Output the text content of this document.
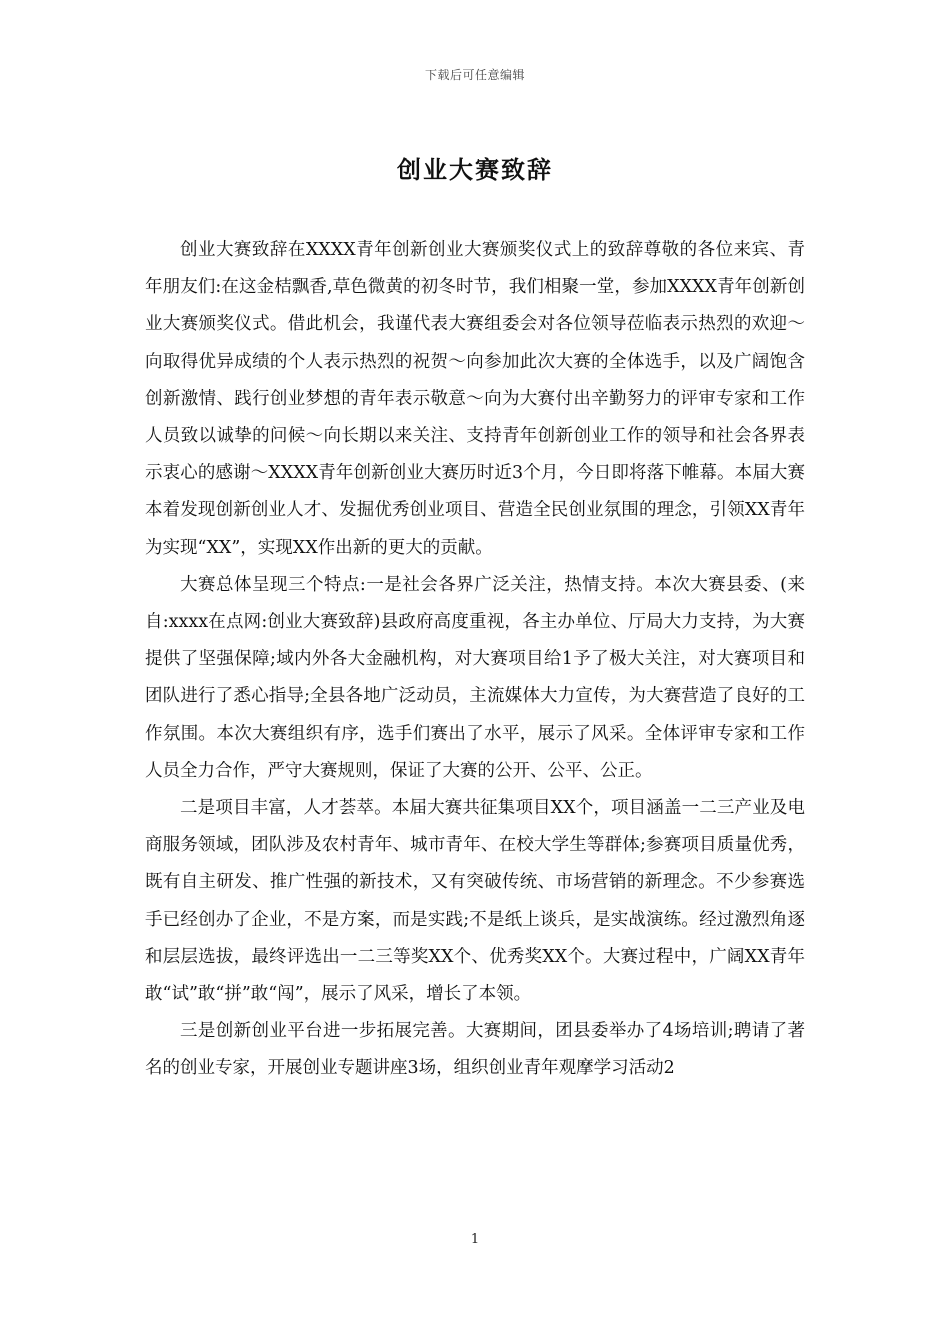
下载后可任意编辑
创业大赛致辞

创业大赛致辞在XXXX青年创新创业大赛颁奖仪式上的致辞尊敬的各位来宾、青年朋友们:在这金桔飘香,草色微黄的初冬时节，我们相聚一堂，参加XXXX青年创新创业大赛颁奖仪式。借此机会，我谨代表大赛组委会对各位领导莅临表示热烈的欢迎～向取得优异成绩的个人表示热烈的祝贺～向参加此次大赛的全体选手，以及广阔饱含创新激情、践行创业梦想的青年表示敬意～向为大赛付出辛勤努力的评审专家和工作人员致以诚挚的问候～向长期以来关注、支持青年创新创业工作的领导和社会各界表示衷心的感谢～XXXX青年创新创业大赛历时近3个月，今日即将落下帷幕。本届大赛本着发现创新创业人才、发掘优秀创业项目、营造全民创业氛围的理念，引领XX青年为实现“XX”，实现XX作出新的更大的贡献。

大赛总体呈现三个特点:一是社会各界广泛关注，热情支持。本次大赛县委、(来自:xxxx在点网:创业大赛致辞)县政府高度重视，各主办单位、厅局大力支持，为大赛提供了坚强保障;域内外各大金融机构，对大赛项目给1予了极大关注，对大赛项目和团队进行了悉心指导;全县各地广泛动员，主流媒体大力宣传，为大赛营造了良好的工作氛围。本次大赛组织有序，选手们赛出了水平，展示了风采。全体评审专家和工作人员全力合作，严守大赛规则，保证了大赛的公开、公平、公正。

二是项目丰富，人才荟萃。本届大赛共征集项目XX个，项目涵盖一二三产业及电商服务领域，团队涉及农村青年、城市青年、在校大学生等群体;参赛项目质量优秀，既有自主研发、推广性强的新技术，又有突破传统、市场营销的新理念。不少参赛选手已经创办了企业，不是方案，而是实践;不是纸上谈兵，是实战演练。经过激烈角逐和层层选拔，最终评选出一二三等奖XX个、优秀奖XX个。大赛过程中，广阔XX青年敢“试”敢“拼”敢“闯”，展示了风采，增长了本领。

三是创新创业平台进一步拓展完善。大赛期间，团县委举办了4场培训;聘请了著名的创业专家，开展创业专题讲座3场，组织创业青年观摩学习活动2

1
